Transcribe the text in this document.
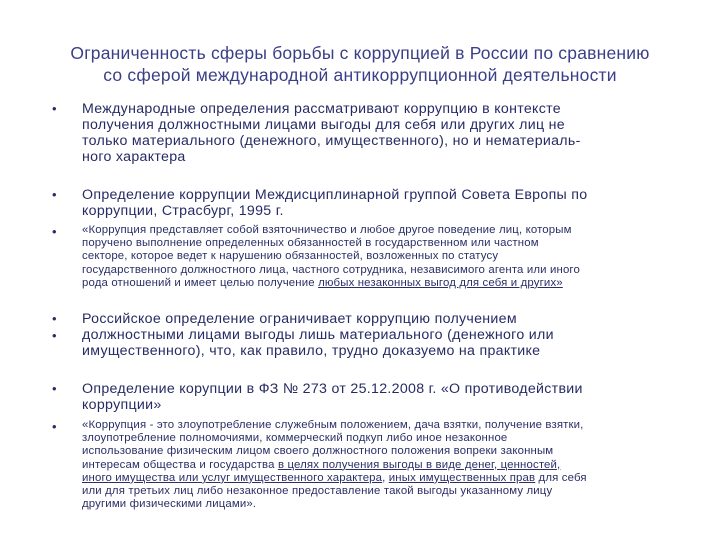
Ограниченность сферы борьбы с коррупцией в России по сравнению
со сферой международной антикоррупционной деятельности
• Международные определения рассматривают коррупцию в контексте
получения должностными лицами выгоды для себя или других лиц не
только материального (денежного, имущественного), но и нематериаль-
ного характера
• Определение коррупции Междисциплинарной группой Совета Европы по
коррупции, Страсбург, 1995 г.
• «Коррупция представляет собой взяточничество и любое другое поведение лиц, которым
поручено выполнение определенных обязанностей в государственном или частном
секторе, которое ведет к нарушению обязанностей, возложенных по статусу
государственного должностного лица, частного сотрудника, независимого агента или иного
рода отношений и имеет целью получение любых незаконных выгод для себя и других»
•
•
Российское определение ограничивает коррупцию получением
должностными лицами выгоды лишь материального (денежного или
имущественного), что, как правило, трудно доказуемо на практике
• Определение корупции в ФЗ № 273 от 25.12.2008 г. «О противодействии
коррупции»
• «Коррупция - это злоупотребление служебным положением, дача взятки, получение взятки,
злоупотребление полномочиями, коммерческий подкуп либо иное незаконное
использование физическим лицом своего должностного положения вопреки законным
интересам общества и государства в целях получения выгоды в виде денег, ценностей,
иного имущества или услуг имущественного характера, иных имущественных прав для себя
или для третьих лиц либо незаконное предоставление такой выгоды указанному лицу
другими физическими лицами».
